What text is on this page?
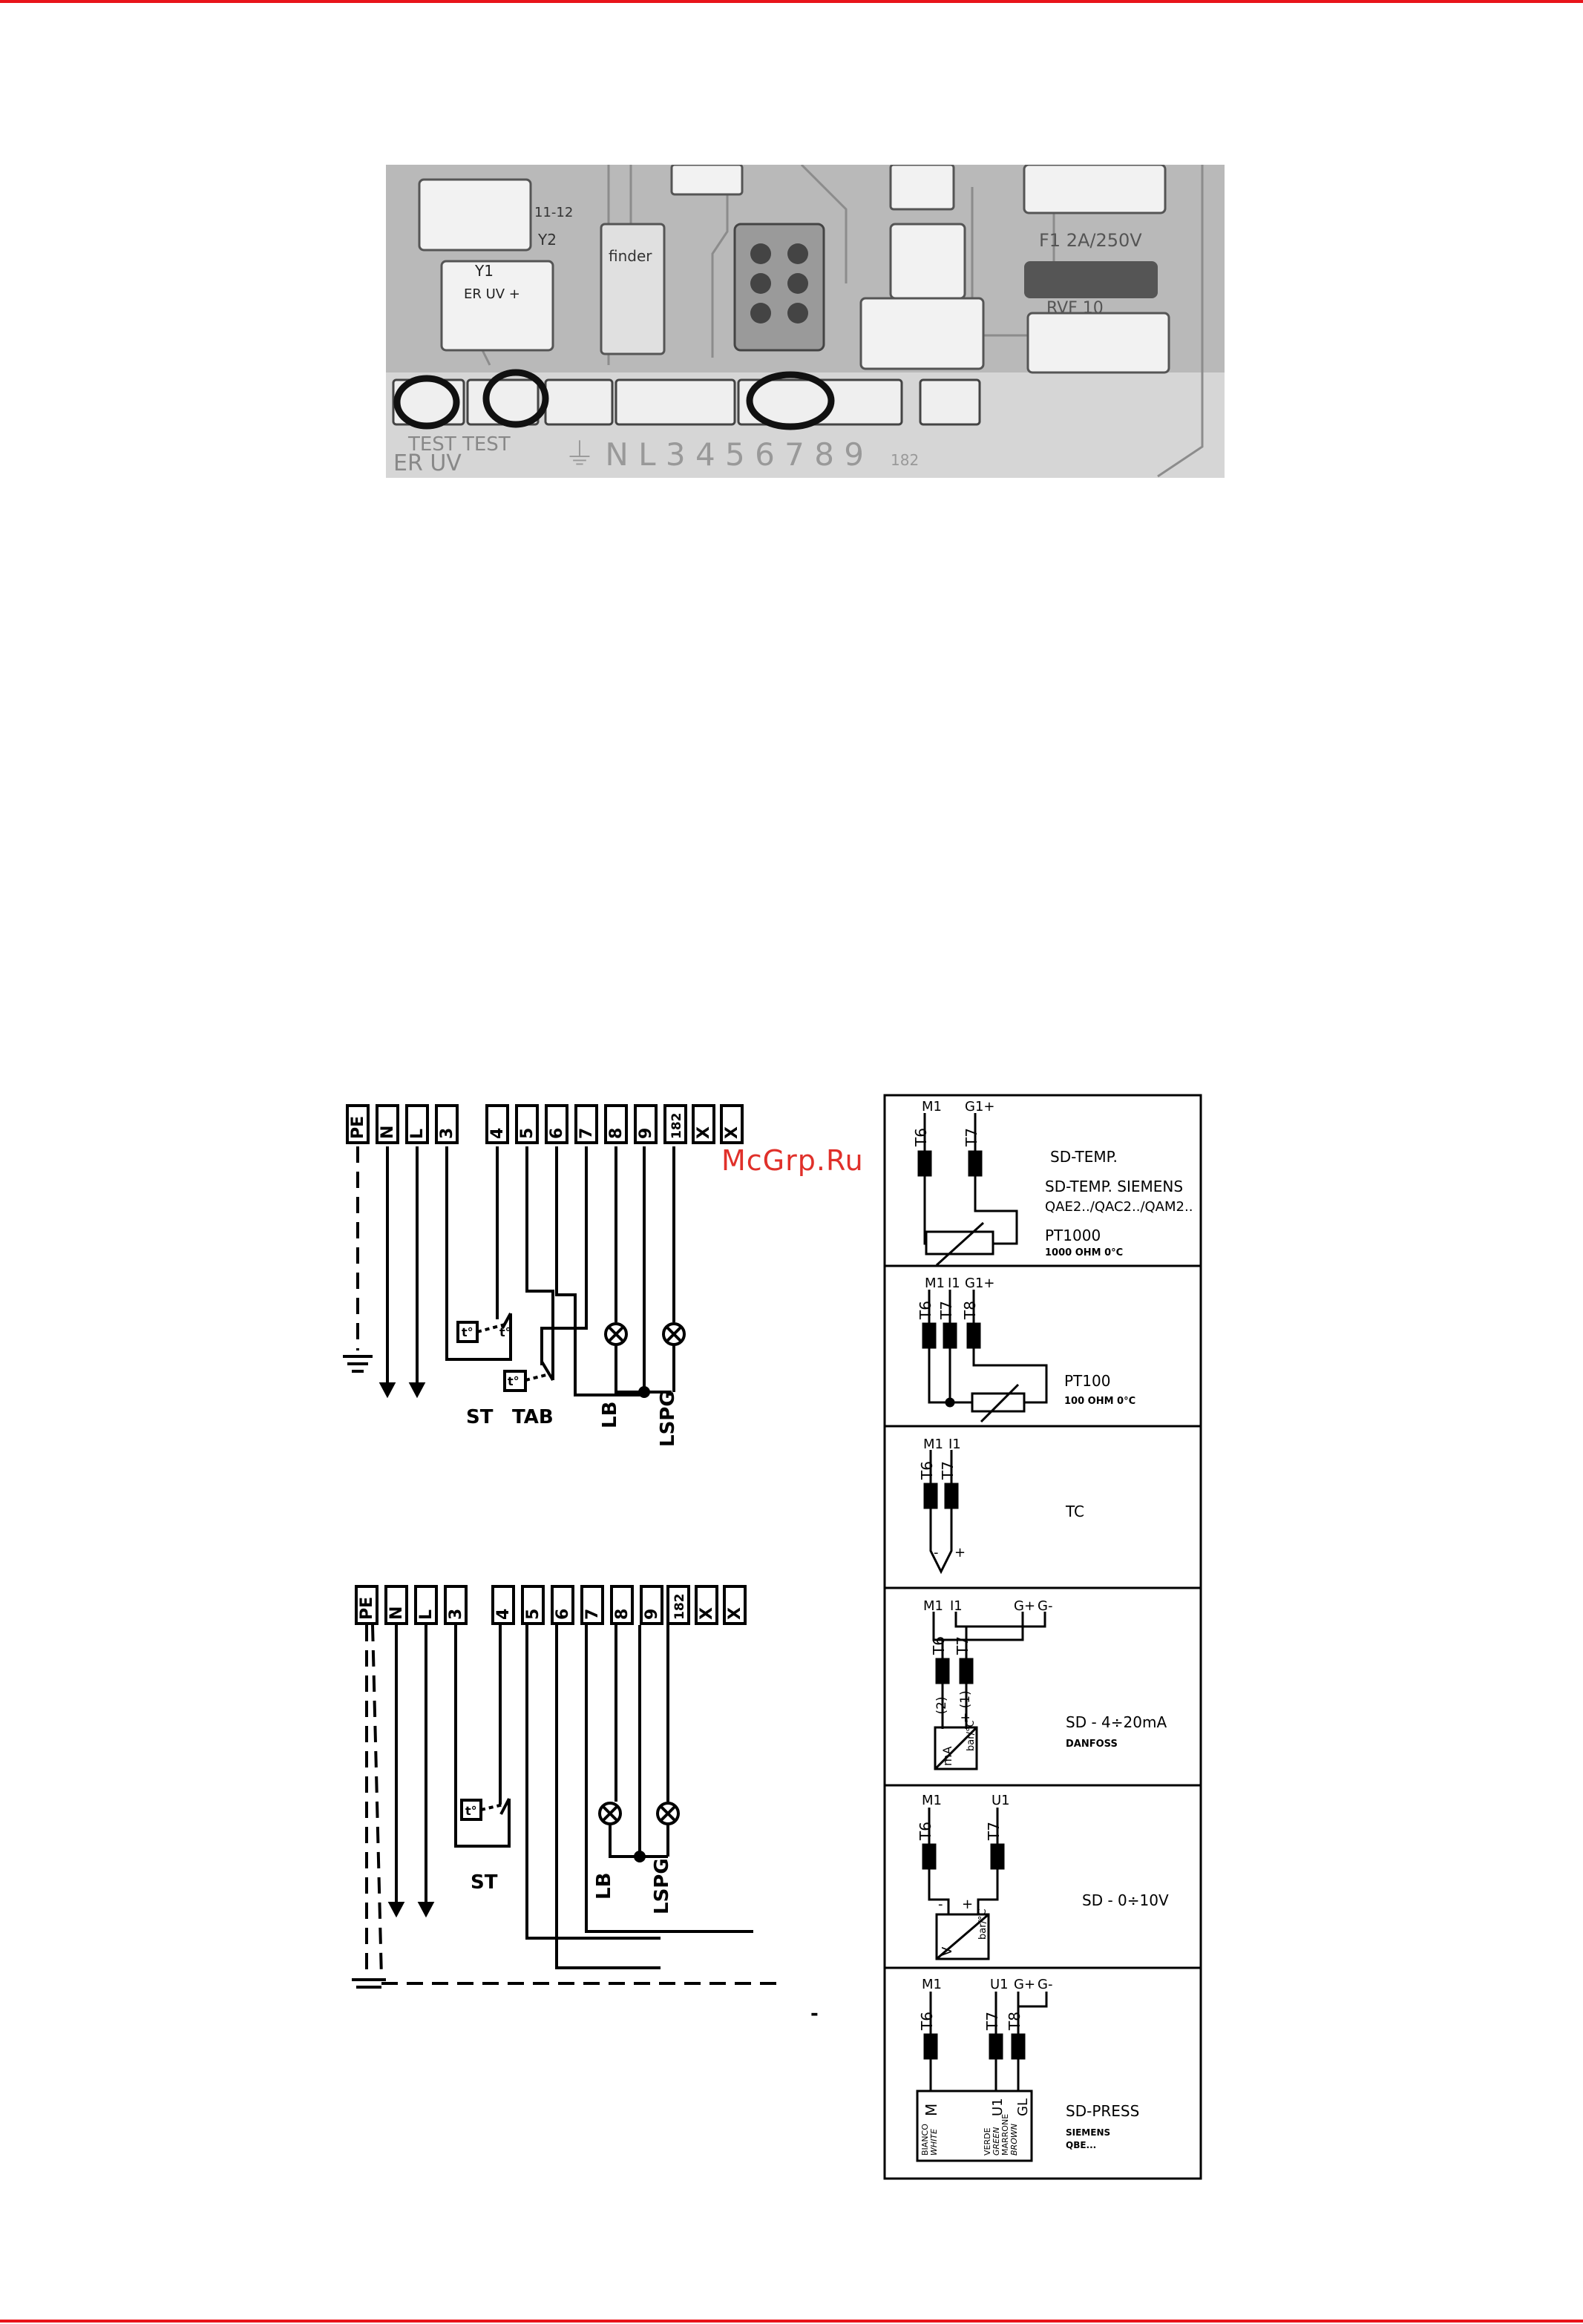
finder
F1 2A/250V
RVF 10
Y1
Y2
11-12
ER UV +
TEST TEST
ER UV	⏚ N L 3 4 5 6 7 8 9 182
McGrp.Ru
PE N L 3 4 5 6 7 8 9 182 X X
ST TAB LB LSPG
t°
t°
t°
PE N L 3 4 5 6 7 8 9 182 X X
ST	LB LSPG
-
t°
M1 G1+
T6 T7
SD-TEMP.
SD-TEMP. SIEMENS
QAE2../QAC2../QAM2..
PT1000
1000 OHM 0°C
M1 I1 G1+
T6 T7 T8
PT100
100 OHM 0°C
M1 I1
T6 T7
- +
TC
M1 I1	G+ G-
T6 T7
- (2) + (1)
mA
bar/°C	SD - 4÷20mA
DANFOSS
M1	U1
T6	T7
- +
V
bar/°C
SD - 0÷10V
M1	U1 G+ G-
T6	T7 T8
M	U1 GL
BIANCO WHITE	VERDE GREEN MARRONE BROWN
SD-PRESS
SIEMENS
QBE...
